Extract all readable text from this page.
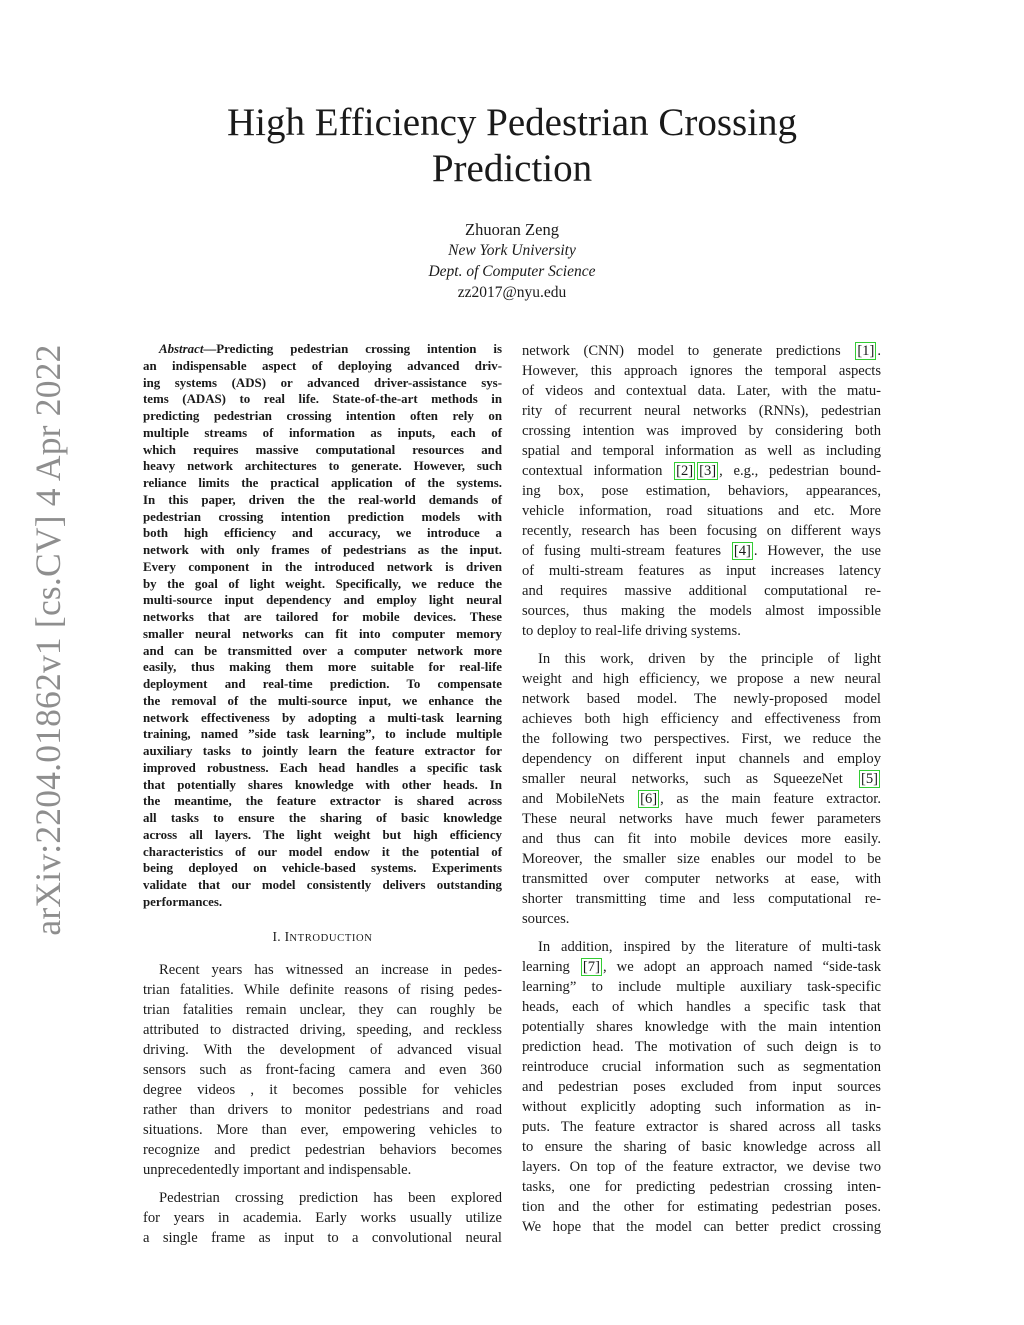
arXiv:2204.01862v1 [cs.CV] 4 Apr 2022
High Efficiency Pedestrian Crossing
Prediction
Zhuoran Zeng
New York University
Dept. of Computer Science
zz2017@nyu.edu
Abstract—Predicting pedestrian crossing intention is
an indispensable aspect of deploying advanced driv-
ing systems (ADS) or advanced driver-assistance sys-
tems (ADAS) to real life. State-of-the-art methods in
predicting pedestrian crossing intention often rely on
multiple streams of information as inputs, each of
which requires massive computational resources and
heavy network architectures to generate. However, such
reliance limits the practical application of the systems.
In this paper, driven the the real-world demands of
pedestrian crossing intention prediction models with
both high efficiency and accuracy, we introduce a
network with only frames of pedestrians as the input.
Every component in the introduced network is driven
by the goal of light weight. Specifically, we reduce the
multi-source input dependency and employ light neural
networks that are tailored for mobile devices. These
smaller neural networks can fit into computer memory
and can be transmitted over a computer network more
easily, thus making them more suitable for real-life
deployment and real-time prediction. To compensate
the removal of the multi-source input, we enhance the
network effectiveness by adopting a multi-task learning
training, named ”side task learning”, to include multiple
auxiliary tasks to jointly learn the feature extractor for
improved robustness. Each head handles a specific task
that potentially shares knowledge with other heads. In
the meantime, the feature extractor is shared across
all tasks to ensure the sharing of basic knowledge
across all layers. The light weight but high efficiency
characteristics of our model endow it the potential of
being deployed on vehicle-based systems. Experiments
validate that our model consistently delivers outstanding
performances.
I. INTRODUCTION
Recent years has witnessed an increase in pedes-
trian fatalities. While definite reasons of rising pedes-
trian fatalities remain unclear, they can roughly be
attributed to distracted driving, speeding, and reckless
driving. With the development of advanced visual
sensors such as front-facing camera and even 360
degree videos , it becomes possible for vehicles
rather than drivers to monitor pedestrians and road
situations. More than ever, empowering vehicles to
recognize and predict pedestrian behaviors becomes
unprecedentedly important and indispensable.
Pedestrian crossing prediction has been explored
for years in academia. Early works usually utilize
a single frame as input to a convolutional neural
network (CNN) model to generate predictions [1] .
However, this approach ignores the temporal aspects
of videos and contextual data. Later, with the matu-
rity of recurrent neural networks (RNNs), pedestrian
crossing intention was improved by considering both
spatial and temporal information as well as including
contextual information [2] [3] , e.g., pedestrian bound-
ing box, pose estimation, behaviors, appearances,
vehicle information, road situations and etc. More
recently, research has been focusing on different ways
of fusing multi-stream features [4] . However, the use
of multi-stream features as input increases latency
and requires massive additional computational re-
sources, thus making the models almost impossible
to deploy to real-life driving systems.
In this work, driven by the principle of light
weight and high efficiency, we propose a new neural
network based model. The newly-proposed model
achieves both high efficiency and effectiveness from
the following two perspectives. First, we reduce the
dependency on different input channels and employ
smaller neural networks, such as SqueezeNet [5]
and MobileNets [6] , as the main feature extractor.
These neural networks have much fewer parameters
and thus can fit into mobile devices more easily.
Moreover, the smaller size enables our model to be
transmitted over computer networks at ease, with
shorter transmitting time and less computational re-
sources.
In addition, inspired by the literature of multi-task
learning [7] , we adopt an approach named “side-task
learning” to include multiple auxiliary task-specific
heads, each of which handles a specific task that
potentially shares knowledge with the main intention
prediction head. The motivation of such deign is to
reintroduce crucial information such as segmentation
and pedestrian poses excluded from input sources
without explicitly adopting such information as in-
puts. The feature extractor is shared across all tasks
to ensure the sharing of basic knowledge across all
layers. On top of the feature extractor, we devise two
tasks, one for predicting pedestrian crossing inten-
tion and the other for estimating pedestrian poses.
We hope that the model can better predict crossing
